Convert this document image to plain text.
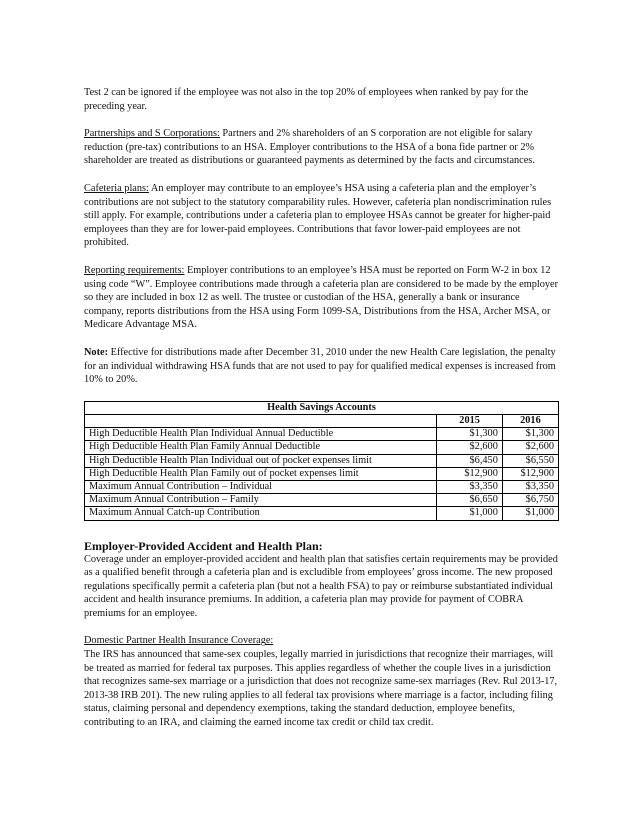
Test 2 can be ignored if the employee was not also in the top 20% of employees when ranked by pay for the preceding year.

Partnerships and S Corporations: Partners and 2% shareholders of an S corporation are not eligible for salary reduction (pre-tax) contributions to an HSA. Employer contributions to the HSA of a bona fide partner or 2% shareholder are treated as distributions or guaranteed payments as determined by the facts and circumstances.

Cafeteria plans: An employer may contribute to an employee’s HSA using a cafeteria plan and the employer’s contributions are not subject to the statutory comparability rules. However, cafeteria plan nondiscrimination rules still apply. For example, contributions under a cafeteria plan to employee HSAs cannot be greater for higher-paid employees than they are for lower-paid employees. Contributions that favor lower-paid employees are not prohibited.

Reporting requirements: Employer contributions to an employee’s HSA must be reported on Form W-2 in box 12 using code “W”. Employee contributions made through a cafeteria plan are considered to be made by the employer so they are included in box 12 as well. The trustee or custodian of the HSA, generally a bank or insurance company, reports distributions from the HSA using Form 1099-SA, Distributions from the HSA, Archer MSA, or Medicare Advantage MSA.

Note: Effective for distributions made after December 31, 2010 under the new Health Care legislation, the penalty for an individual withdrawing HSA funds that are not used to pay for qualified medical expenses is increased from 10% to 20%.

Health Savings Accounts		
	2015	2016
High Deductible Health Plan Individual Annual Deductible	$1,300	$1,300
High Deductible Health Plan Family Annual Deductible	$2,600	$2,600
High Deductible Health Plan Individual out of pocket expenses limit	$6,450	$6,550
High Deductible Health Plan Family out of pocket expenses limit	$12,900	$12,900
Maximum Annual Contribution – Individual	$3,350	$3,350
Maximum Annual Contribution – Family	$6,650	$6,750
Maximum Annual Catch-up Contribution	$1,000	$1,000
Employer-Provided Accident and Health Plan:

Coverage under an employer-provided accident and health plan that satisfies certain requirements may be provided as a qualified benefit through a cafeteria plan and is excludible from employees’ gross income. The new proposed regulations specifically permit a cafeteria plan (but not a health FSA) to pay or reimburse substantiated individual accident and health insurance premiums. In addition, a cafeteria plan may provide for payment of COBRA premiums for an employee.

Domestic Partner Health Insurance Coverage:

The IRS has announced that same-sex couples, legally married in jurisdictions that recognize their marriages, will be treated as married for federal tax purposes. This applies regardless of whether the couple lives in a jurisdiction that recognizes same-sex marriage or a jurisdiction that does not recognize same-sex marriages (Rev. Rul 2013-17, 2013-38 IRB 201). The new ruling applies to all federal tax provisions where marriage is a factor, including filing status, claiming personal and dependency exemptions, taking the standard deduction, employee benefits, contributing to an IRA, and claiming the earned income tax credit or child tax credit.
